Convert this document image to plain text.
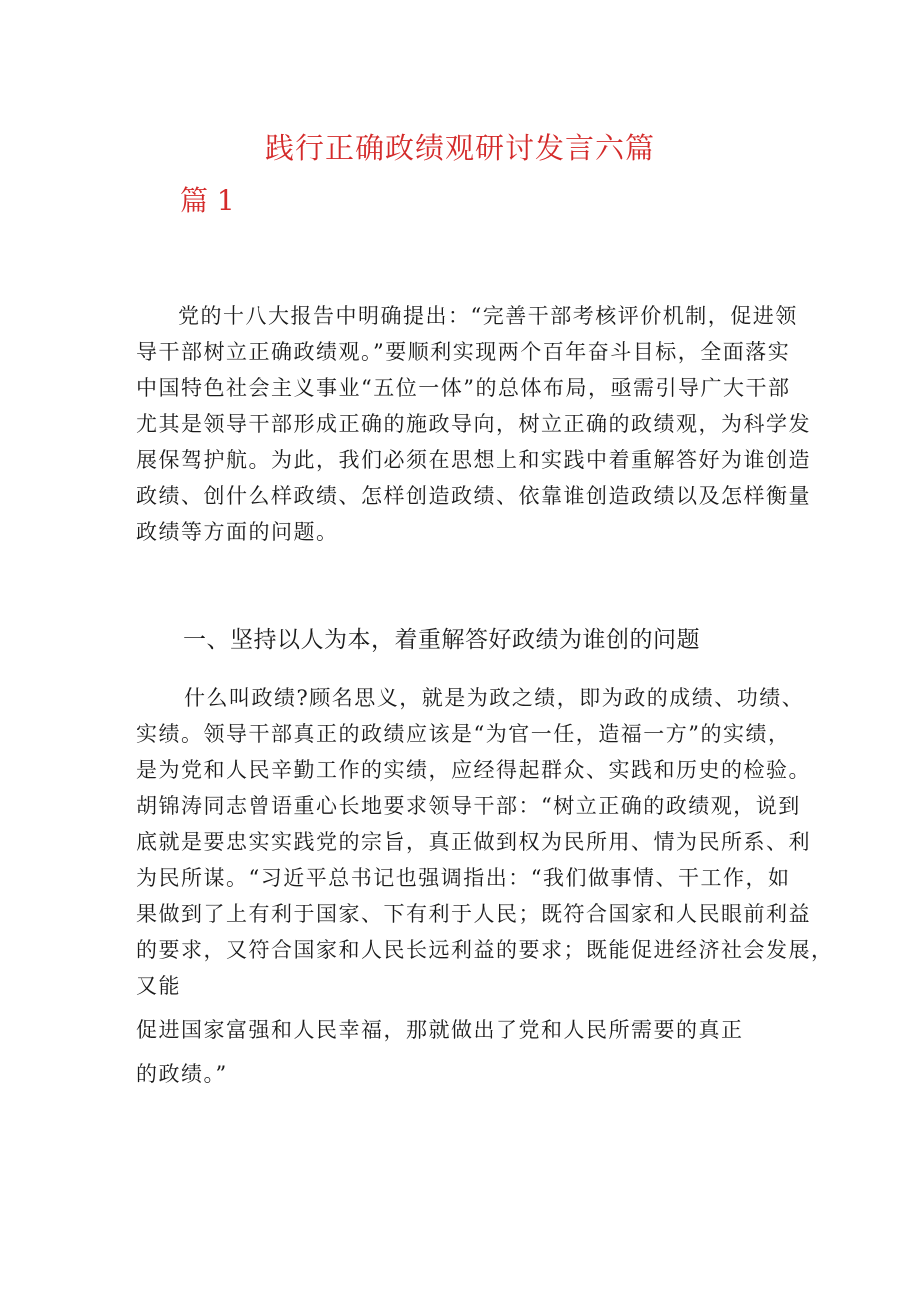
践行正确政绩观研讨发言六篇
篇 1
党的十八大报告中明确提出：“完善干部考核评价机制，促进领
导干部树立正确政绩观。”要顺利实现两个百年奋斗目标，全面落实
中国特色社会主义事业“五位一体”的总体布局，亟需引导广大干部
尤其是领导干部形成正确的施政导向，树立正确的政绩观，为科学发
展保驾护航。为此，我们必须在思想上和实践中着重解答好为谁创造
政绩、创什么样政绩、怎样创造政绩、依靠谁创造政绩以及怎样衡量
政绩等方面的问题。
一、坚持以人为本，着重解答好政绩为谁创的问题
什么叫政绩?顾名思义，就是为政之绩，即为政的成绩、功绩、
实绩。领导干部真正的政绩应该是“为官一任，造福一方”的实绩，
是为党和人民辛勤工作的实绩，应经得起群众、实践和历史的检验。
胡锦涛同志曾语重心长地要求领导干部：“树立正确的政绩观，说到
底就是要忠实实践党的宗旨，真正做到权为民所用、情为民所系、利
为民所谋。“习近平总书记也强调指出：“我们做事情、干工作，如
果做到了上有利于国家、下有利于人民；既符合国家和人民眼前利益
的要求，又符合国家和人民长远利益的要求；既能促进经济社会发展，
又能
促进国家富强和人民幸福，那就做出了党和人民所需要的真正
的政绩。”
